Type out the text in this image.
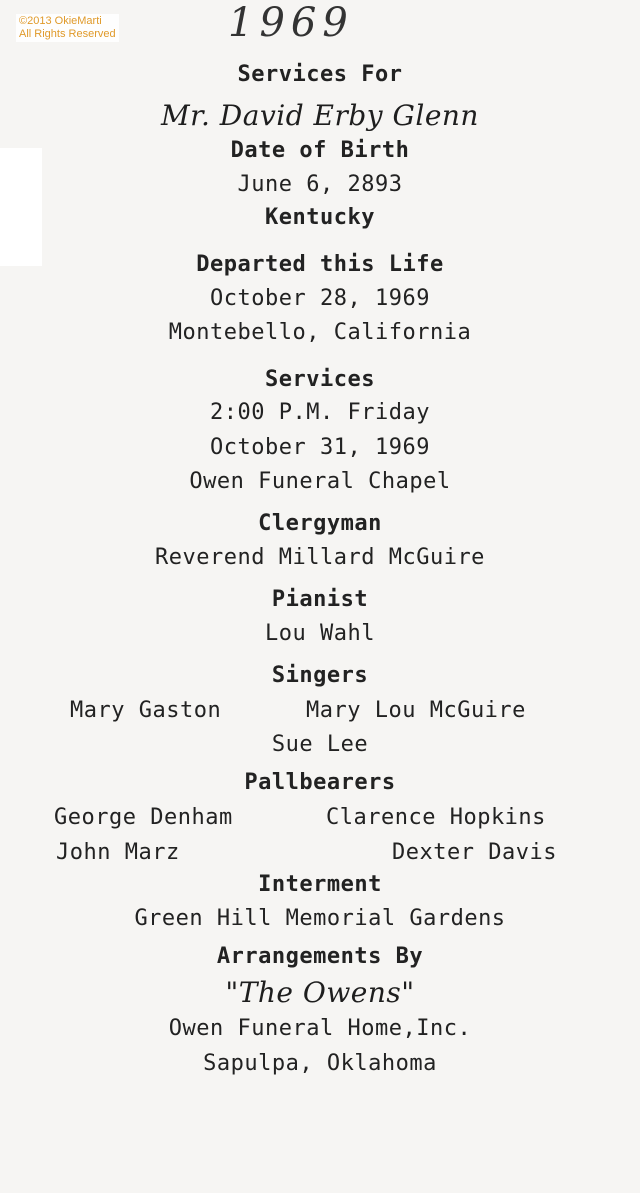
©2013 OkieMarti
All Rights Reserved	1969
Services For
Mr. David Erby Glenn
Date of Birth
June 6, 2893
Kentucky
Departed this Life
October 28, 1969
Montebello, California
Services
2:00 P.M. Friday
October 31, 1969
Owen Funeral Chapel
Clergyman
Reverend Millard McGuire
Pianist
Lou Wahl
Singers
Mary Gaston	Mary Lou McGuire
Sue Lee
Pallbearers
George Denham	Clarence Hopkins
John Marz	Dexter Davis
Interment
Green Hill Memorial Gardens
Arrangements By
"The Owens"
Owen Funeral Home,Inc.
Sapulpa, Oklahoma
